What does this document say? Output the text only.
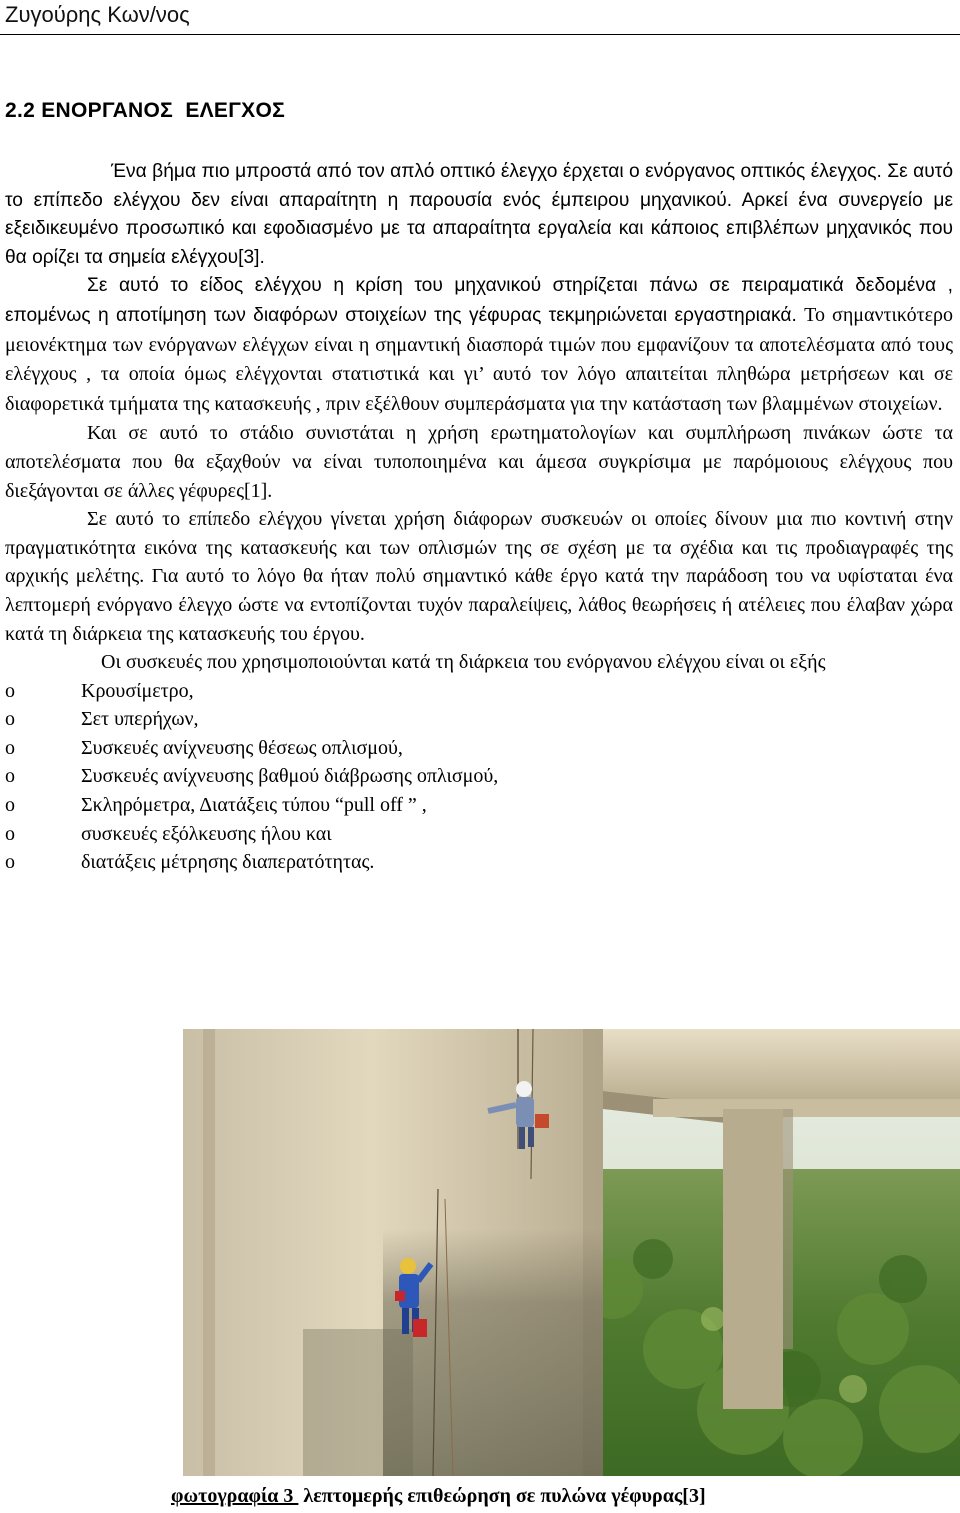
Ζυγούρης Κων/νος
2.2 ΕΝΟΡΓΑΝΟΣ  ΕΛΕΓΧΟΣ

Ένα βήμα πιο μπροστά από τον απλό οπτικό έλεγχο έρχεται ο ενόργανος οπτικός έλεγχος. Σε αυτό το επίπεδο ελέγχου δεν είναι απαραίτητη η παρουσία ενός έμπειρου μηχανικού. Αρκεί ένα συνεργείο με εξειδικευμένο προσωπικό και εφοδιασμένο με τα απαραίτητα εργαλεία και κάποιος επιβλέπων μηχανικός που θα ορίζει τα σημεία ελέγχου[3].

Σε αυτό το είδος ελέγχου η κρίση του μηχανικού στηρίζεται πάνω σε πειραματικά δεδομένα , επομένως η αποτίμηση των διαφόρων στοιχείων της γέφυρας τεκμηριώνεται εργαστηριακά. Το σημαντικότερο μειονέκτημα των ενόργανων ελέγχων είναι η σημαντική διασπορά τιμών που εμφανίζουν τα αποτελέσματα από τους ελέγχους , τα οποία όμως ελέγχονται στατιστικά και γι’ αυτό τον λόγο απαιτείται πληθώρα μετρήσεων και σε διαφορετικά τμήματα της κατασκευής , πριν εξέλθουν συμπεράσματα για την κατάσταση των βλαμμένων στοιχείων.

Και σε αυτό το στάδιο συνιστάται η χρήση ερωτηματολογίων και συμπλήρωση πινάκων ώστε τα αποτελέσματα που θα εξαχθούν να είναι τυποποιημένα και άμεσα συγκρίσιμα με παρόμοιους ελέγχους που διεξάγονται σε άλλες γέφυρες[1].

Σε αυτό το επίπεδο ελέγχου γίνεται χρήση διάφορων συσκευών οι οποίες δίνουν μια πιο κοντινή στην πραγματικότητα εικόνα της κατασκευής και των οπλισμών της σε σχέση με τα σχέδια και τις προδιαγραφές της αρχικής μελέτης. Για αυτό το λόγο θα ήταν πολύ σημαντικό κάθε έργο κατά την παράδοση του να υφίσταται ένα λεπτομερή ενόργανο έλεγχο ώστε να εντοπίζονται τυχόν παραλείψεις, λάθος θεωρήσεις ή ατέλειες που έλαβαν χώρα κατά τη διάρκεια της κατασκευής του έργου.

Οι συσκευές που χρησιμοποιούνται κατά τη διάρκεια του ενόργανου ελέγχου είναι οι εξής

o	Κρουσίμετρο,
o	Σετ υπερήχων,
o	Συσκευές ανίχνευσης θέσεως οπλισμού,
o	Συσκευές ανίχνευσης βαθμού διάβρωσης οπλισμού,
o	Σκληρόμετρα, Διατάξεις τύπου “pull off ” ,
o	συσκευές εξόλκευσης ήλου και
o	διατάξεις μέτρησης διαπερατότητας.
φωτογραφία 3  λεπτομερής επιθεώρηση σε πυλώνα γέφυρας[3]
